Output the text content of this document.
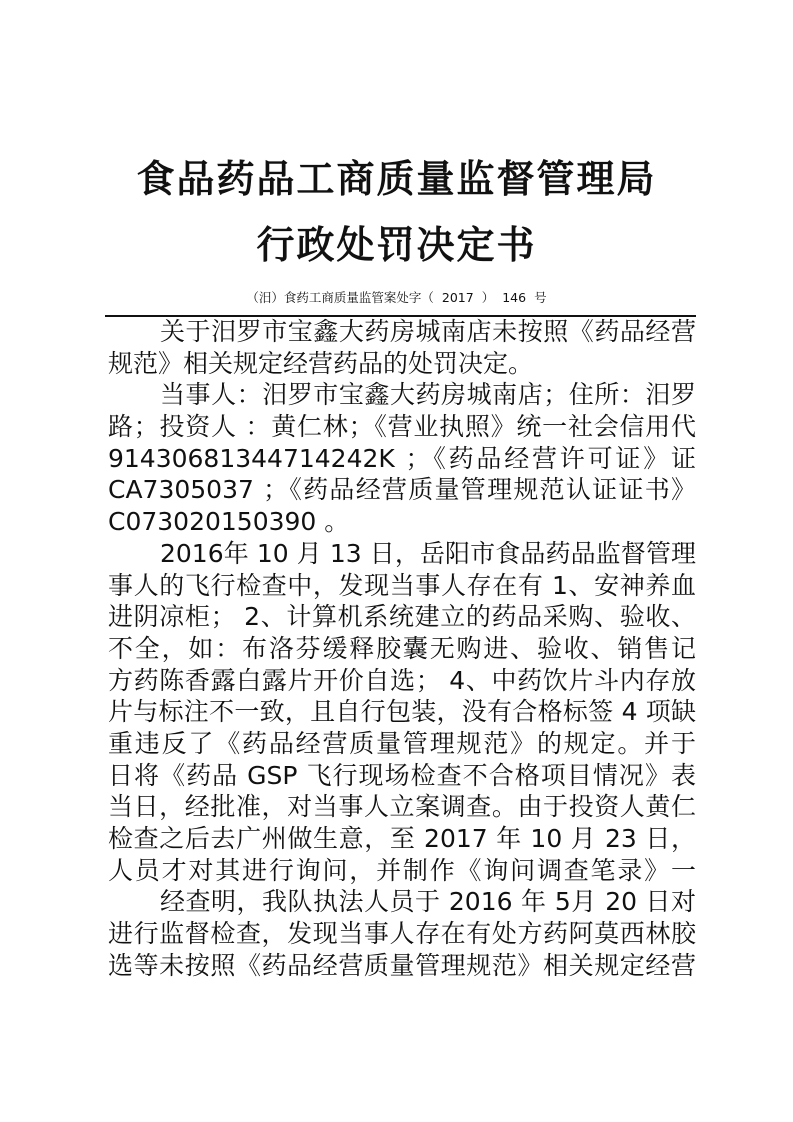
食品药品工商质量监督管理局
行政处罚决定书
（汨）食药工商质量监管案处字（ 2017 ） 146 号
关于汨罗市宝鑫大药房城南店未按照《药品经营
规范》相关规定经营药品的处罚决定。
当事人：汨罗市宝鑫大药房城南店；住所：汨罗
路；投资人 ：黄仁林；《营业执照》统一社会信用代
91430681344714242K ；《药品经营许可证》证
CA7305037 ；《药品经营质量管理规范认证证书》
C073020150390 。
2016年 10 月 13 日，岳阳市食品药品监督管理
事人的飞行检查中，发现当事人存在有 1、安神养血
进阴凉柜； 2、计算机系统建立的药品采购、验收、
不全，如：布洛芬缓释胶囊无购进、验收、销售记
方药陈香露白露片开价自选； 4、中药饮片斗内存放
片与标注不一致，且自行包装，没有合格标签 4 项缺
重违反了《药品经营质量管理规范》的规定。并于
日将《药品 GSP 飞行现场检查不合格项目情况》表
当日，经批准，对当事人立案调查。由于投资人黄仁
检查之后去广州做生意，至 2017 年 10 月 23 日，
人员才对其进行询问，并制作《询问调查笔录》一
经查明，我队执法人员于 2016 年 5月 20 日对
进行监督检查，发现当事人存在有处方药阿莫西林胶
选等未按照《药品经营质量管理规范》相关规定经营
